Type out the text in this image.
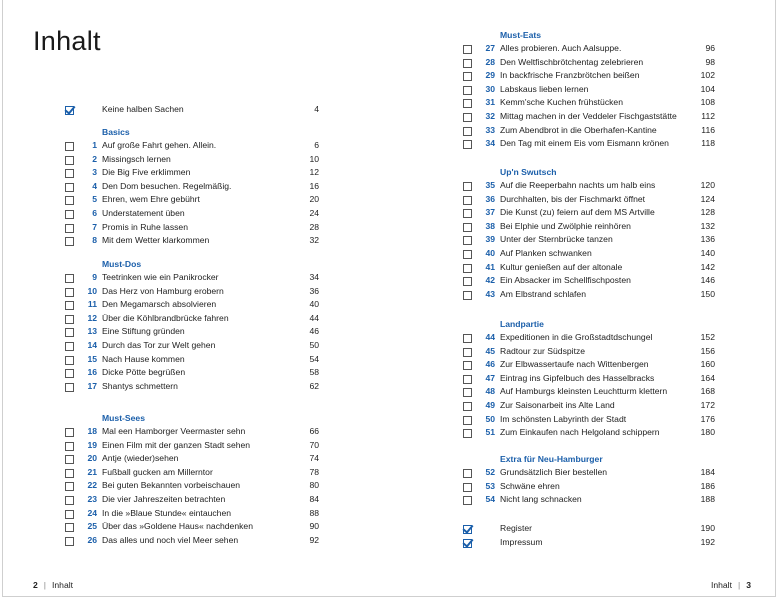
Inhalt
2 | Inhalt
Keine halben Sachen	4
Basics
1 Auf große Fahrt gehen. Allein.	6
2 Missingsch lernen	10
3 Die Big Five erklimmen	12
4 Den Dom besuchen. Regelmäßig.	16
5 Ehren, wem Ehre gebührt	20
6 Understatement üben	24
7 Promis in Ruhe lassen	28
8 Mit dem Wetter klarkommen	32
Must-Dos
9 Teetrinken wie ein Panikrocker	34
10 Das Herz von Hamburg erobern	36
11 Den Megamarsch absolvieren	40
12 Über die Köhlbrandbrücke fahren	44
13 Eine Stiftung gründen	46
14 Durch das Tor zur Welt gehen	50
15 Nach Hause kommen	54
16 Dicke Pötte begrüßen	58
17 Shantys schmettern	62
Must-Sees
18 Mal een Hamborger Veermaster sehn	66
19 Einen Film mit der ganzen Stadt sehen	70
20 Antje (wieder)sehen	74
21 Fußball gucken am Millerntor	78
22 Bei guten Bekannten vorbeischauen	80
23 Die vier Jahreszeiten betrachten	84
24 In die »Blaue Stunde« eintauchen	88
25 Über das »Goldene Haus« nachdenken	90
26 Das alles und noch viel Meer sehen	92
Inhalt | 3
Must-Eats
27 Alles probieren. Auch Aalsuppe.	96
28 Den Weltfischbrötchentag zelebrieren	98
29 In backfrische Franzbrötchen beißen	102
30 Labskaus lieben lernen	104
31 Kemm'sche Kuchen frühstücken	108
32 Mittag machen in der Veddeler Fischgaststätte	112
33 Zum Abendbrot in die Oberhafen-Kantine	116
34 Den Tag mit einem Eis vom Eismann krönen	118
Up'n Swutsch
35 Auf die Reeperbahn nachts um halb eins	120
36 Durchhalten, bis der Fischmarkt öffnet	124
37 Die Kunst (zu) feiern auf dem MS Artville	128
38 Bei Elphie und Zwölphie reinhören	132
39 Unter der Sternbrücke tanzen	136
40 Auf Planken schwanken	140
41 Kultur genießen auf der altonale	142
42 Ein Absacker im Schellfischposten	146
43 Am Elbstrand schlafen	150
Landpartie
44 Expeditionen in die Großstadtdschungel	152
45 Radtour zur Südspitze	156
46 Zur Elbwassertaufe nach Wittenbergen	160
47 Eintrag ins Gipfelbuch des Hasselbracks	164
48 Auf Hamburgs kleinsten Leuchtturm klettern	168
49 Zur Saisonarbeit ins Alte Land	172
50 Im schönsten Labyrinth der Stadt	176
51 Zum Einkaufen nach Helgoland schippern	180
Extra für Neu-Hamburger
52 Grundsätzlich Bier bestellen	184
53 Schwäne ehren	186
54 Nicht lang schnacken	188
Register	190
Impressum	192
